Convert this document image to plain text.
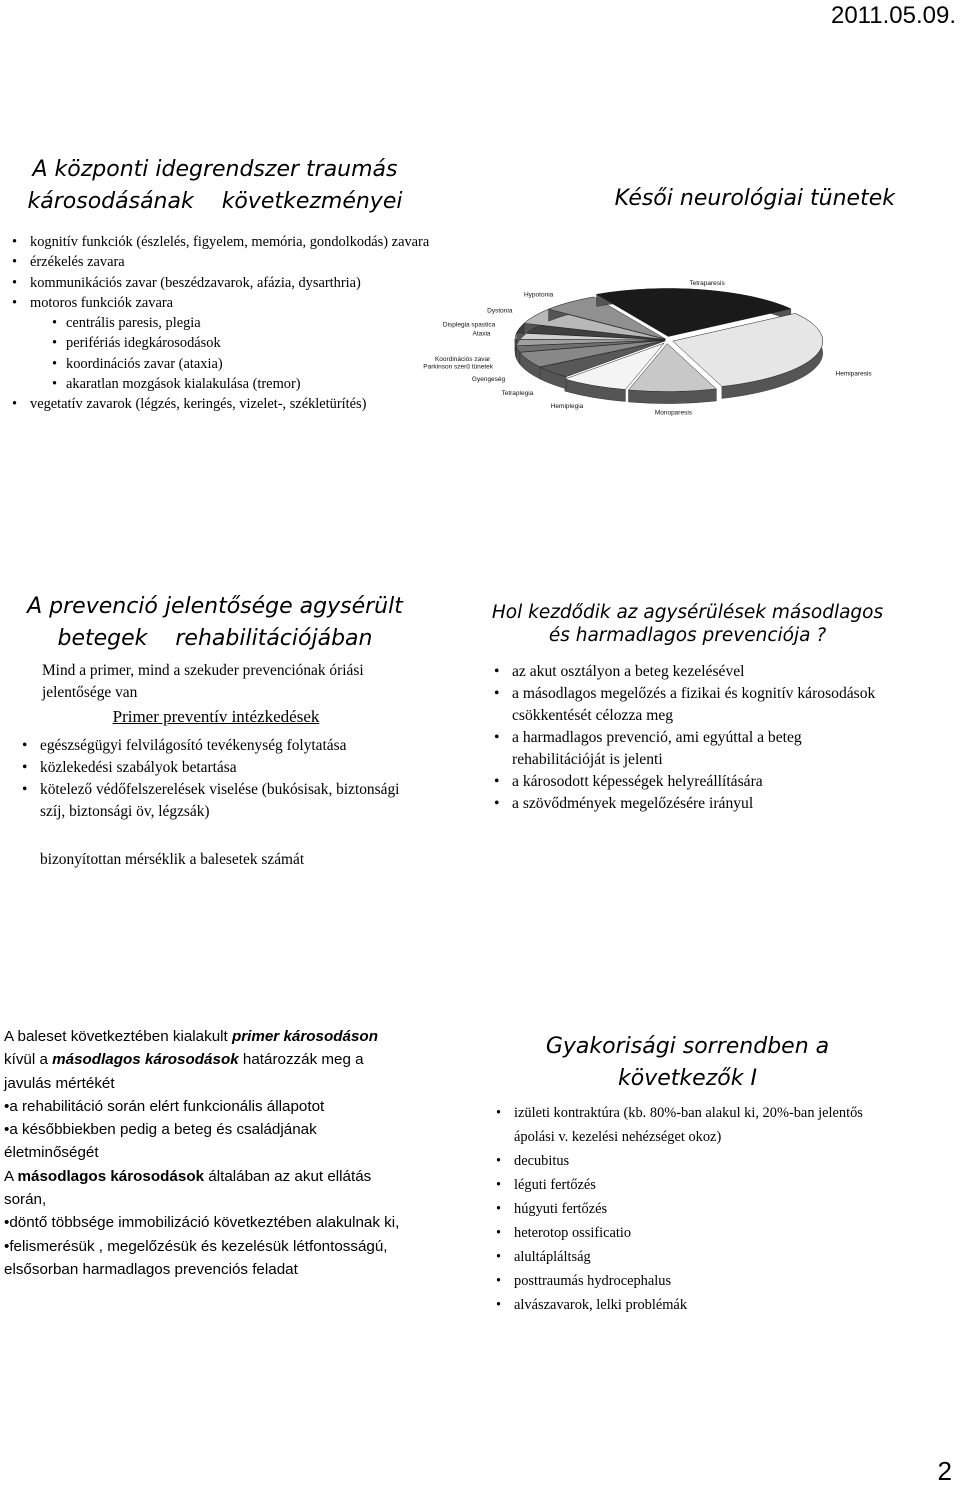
2011.05.09.
A központi idegrendszer traumás
károsodásának    következményei
• kognitív funkciók (észlelés, figyelem, memória, gondolkodás) zavara
• érzékelés zavara
• kommunikációs zavar (beszédzavarok, afázia, dysarthria)
• motoros funkciók zavara
• centrális paresis, plegia
• perifériás idegkárosodások
• koordinációs zavar (ataxia)
• akaratlan mozgások kialakulása (tremor)
• vegetatív zavarok (légzés, keringés, vizelet-, székletürítés)
Késői neurológiai tünetek
Parkinson szerű tünetek
Koordinációs zavar
Ataxia
Displegia spastica
Dystonia
Hypotonia
Tetraparesis
Hemiparesis
Monoparesis
Hemiplegia
Tetraplegia
Gyengeség
A prevenció jelentősége agysérült
betegek    rehabilitációjában
Mind a primer, mind a szekuder prevenciónak óriási jelentősége van
Primer preventív intézkedések
• egészségügyi felvilágosító tevékenység folytatása
• közlekedési szabályok betartása
• kötelező védőfelszerelések viselése (bukósisak, biztonsági szíj, biztonsági öv, légzsák)
bizonyítottan mérséklik a balesetek számát
Hol kezdődik az agysérülések másodlagos
és harmadlagos prevenciója ?
• az akut osztályon a beteg kezelésével
• a másodlagos megelőzés a fizikai és kognitív károsodások csökkentését célozza meg
• a harmadlagos prevenció, ami egyúttal a beteg rehabilitációját is jelenti
• a károsodott képességek helyreállítására
• a szövődmények megelőzésére irányul
A baleset következtében kialakult primer károsodáson kívül a másodlagos károsodások határozzák meg a javulás mértékét
•a rehabilitáció során elért funkcionális állapotot
•a későbbiekben pedig a beteg és családjának életminőségét
A másodlagos károsodások általában az akut ellátás során,
•döntő többsége immobilizáció következtében alakulnak ki,
•felismerésük , megelőzésük és kezelésük létfontosságú, elsősorban harmadlagos prevenciós feladat
Gyakorisági sorrendben a
következők I
• izületi kontraktúra (kb. 80%-ban alakul ki, 20%-ban jelentős ápolási v. kezelési nehézséget okoz)
• decubitus
• léguti fertőzés
• húgyuti fertőzés
• heterotop ossificatio
• alultápláltság
• posttraumás hydrocephalus
• alvászavarok, lelki problémák
2
